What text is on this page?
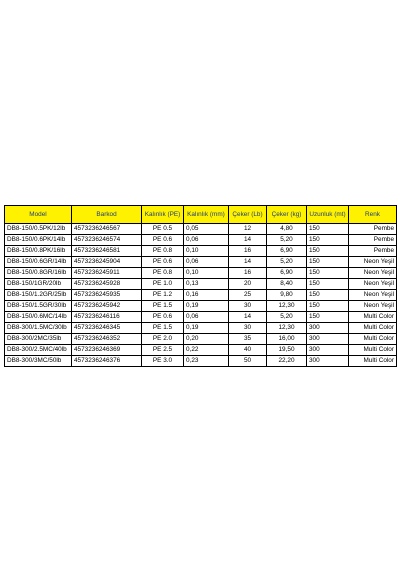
Model	Barkod	Kalınlık (PE)	Kalınlık (mm)	Çeker (Lb)	Çeker (kg)	Uzunluk (mt)	Renk
DB8-150/0.5PK/12lb	4573236246567	PE 0.5	0,05	12	4,80	150	Pembe
DB8-150/0.6PK/14lb	4573236246574	PE 0.6	0,06	14	5,20	150	Pembe
DB8-150/0.8PK/16lb	4573236246581	PE 0.8	0,10	16	6,90	150	Pembe
DB8-150/0.6GR/14lb	4573236245904	PE 0.6	0,06	14	5,20	150	Neon Yeşil
DB8-150/0.8GR/16lb	4573236245911	PE 0.8	0,10	16	6,90	150	Neon Yeşil
DB8-150/1GR/20lb	4573236245928	PE 1.0	0,13	20	8,40	150	Neon Yeşil
DB8-150/1.2GR/25lb	4573236245935	PE 1.2	0,16	25	9,80	150	Neon Yeşil
DB8-150/1.5GR/30lb	4573236245942	PE 1.5	0,19	30	12,30	150	Neon Yeşil
DB8-150/0.6MC/14lb	4573236246116	PE 0.6	0,06	14	5,20	150	Multi Color
DB8-300/1.5MC/30lb	4573236246345	PE 1.5	0,19	30	12,30	300	Multi Color
DB8-300/2MC/35lb	4573236246352	PE 2.0	0,20	35	16,00	300	Multi Color
DB8-300/2.5MC/40lb	4573236246369	PE 2.5	0,22	40	19,50	300	Multi Color
DB8-300/3MC/50lb	4573236246376	PE 3.0	0,23	50	22,20	300	Multi Color
